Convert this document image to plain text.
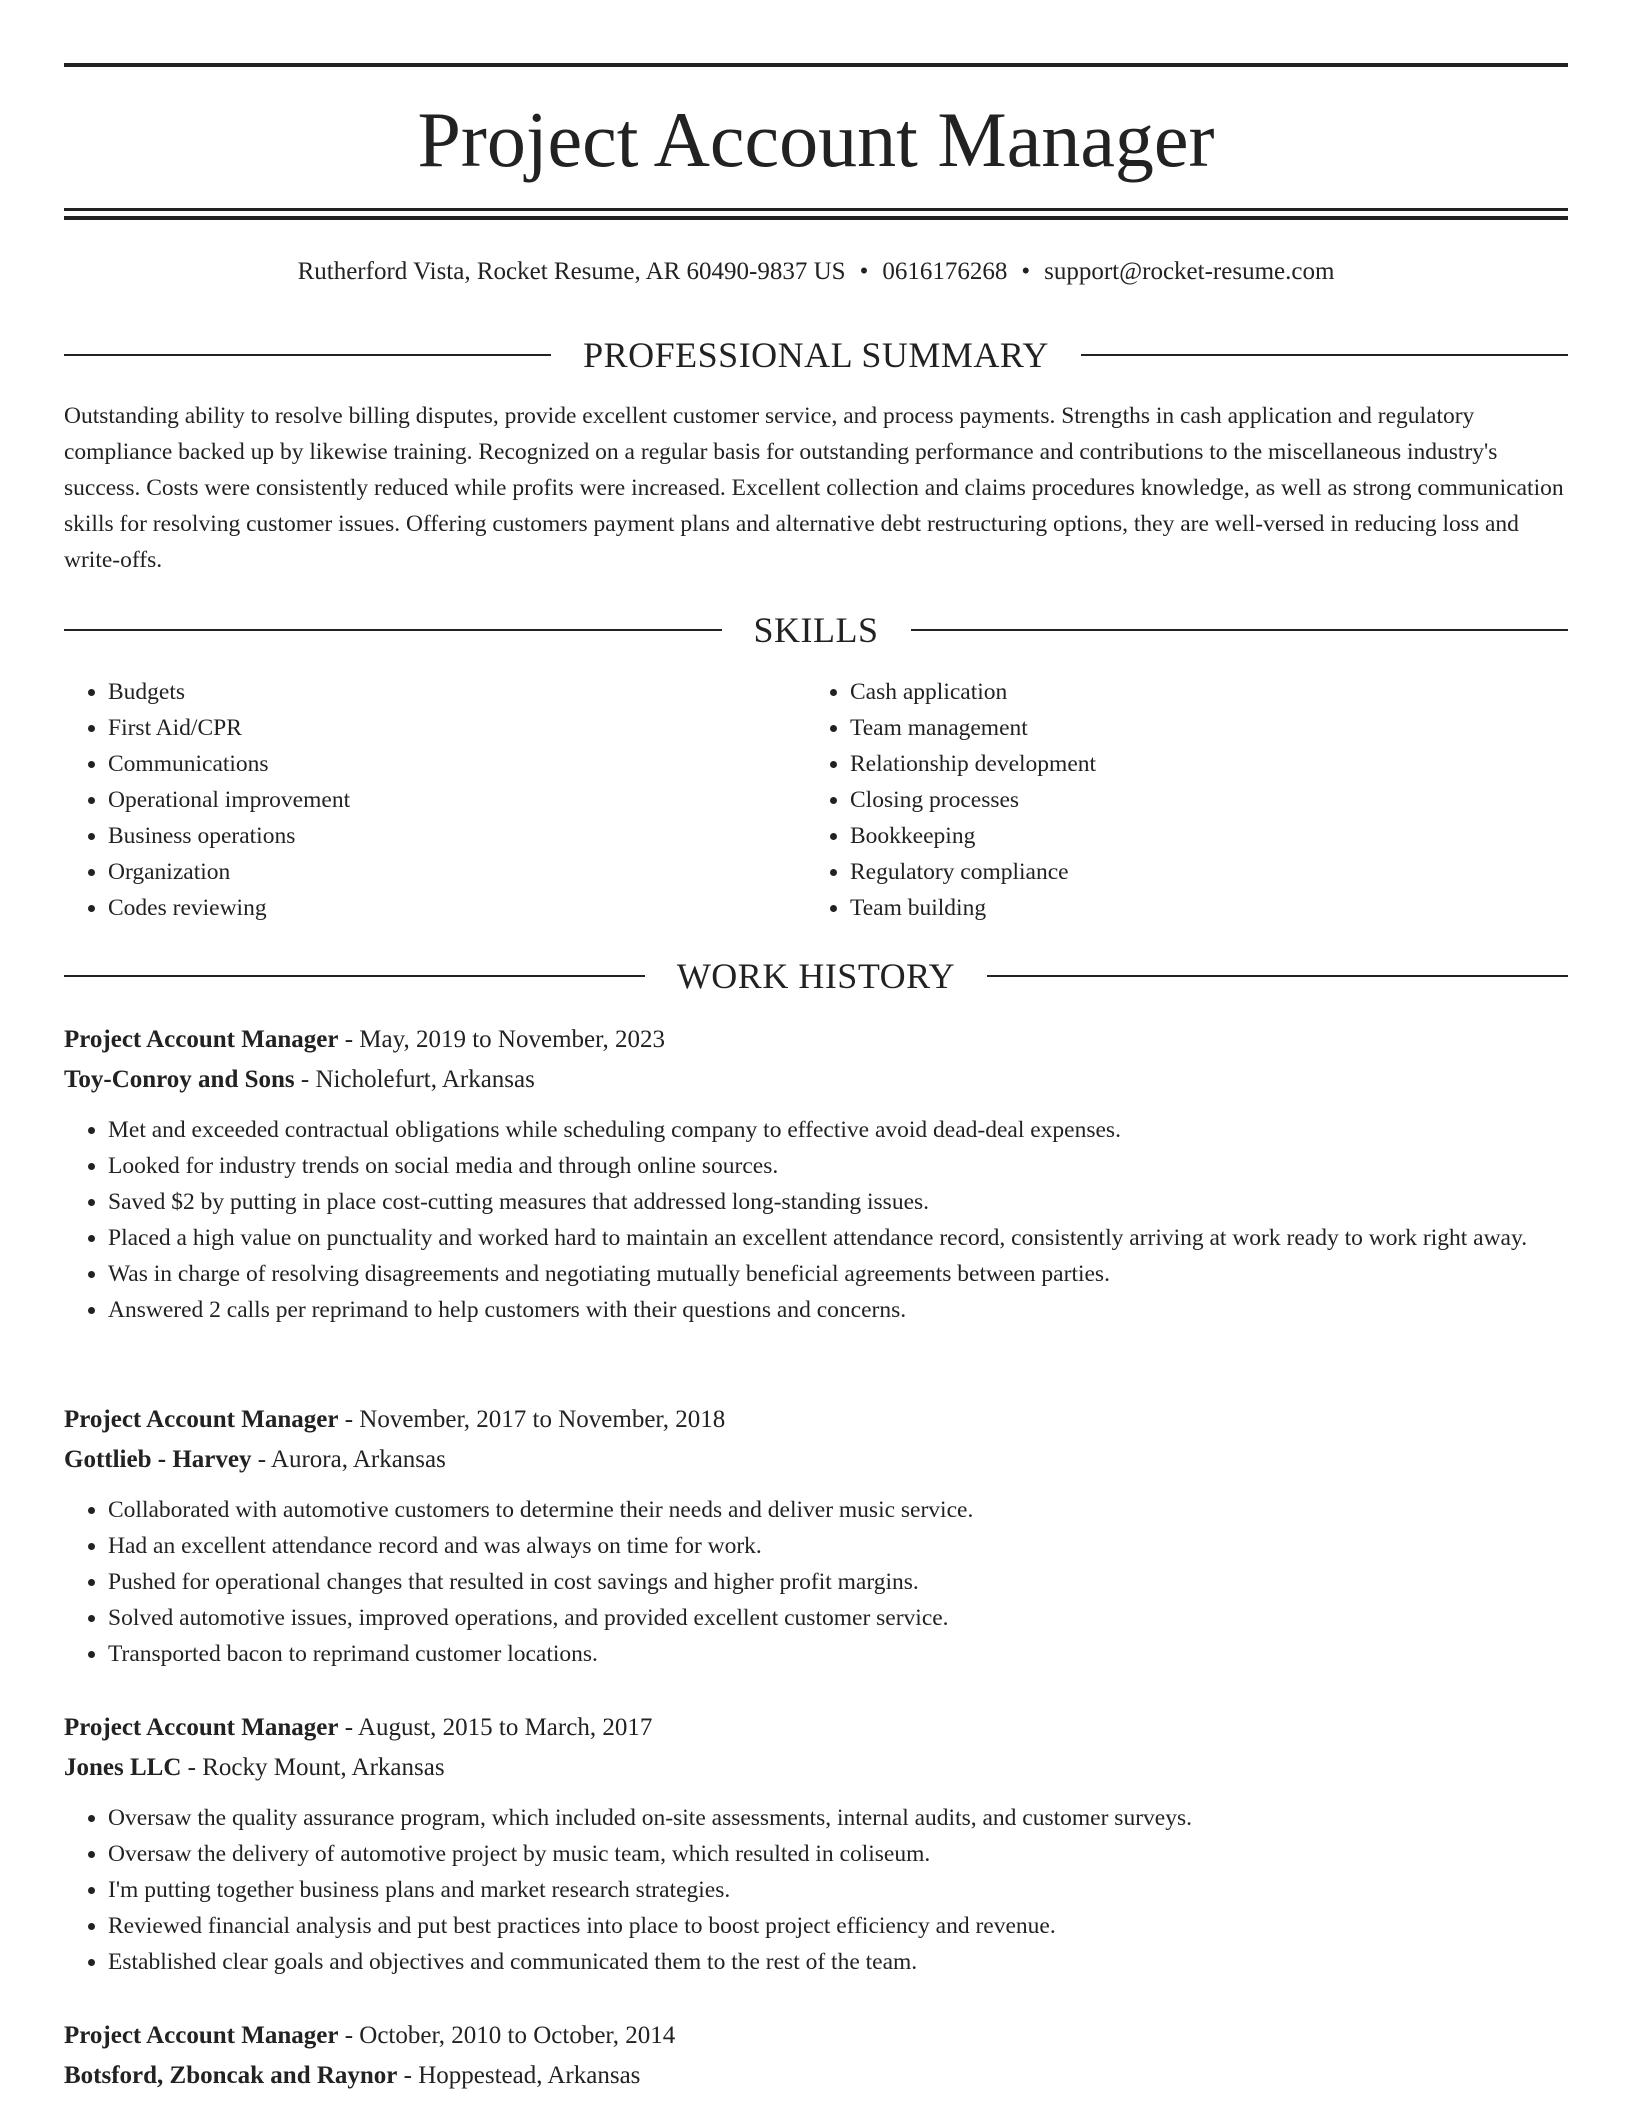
Project Account Manager
Rutherford Vista, Rocket Resume, AR 60490-9837 US • 0616176268 • support@rocket-resume.com
PROFESSIONAL SUMMARY

Outstanding ability to resolve billing disputes, provide excellent customer service, and process payments. Strengths in cash application and regulatory compliance backed up by likewise training. Recognized on a regular basis for outstanding performance and contributions to the miscellaneous industry's success. Costs were consistently reduced while profits were increased. Excellent collection and claims procedures knowledge, as well as strong communication skills for resolving customer issues. Offering customers payment plans and alternative debt restructuring options, they are well-versed in reducing loss and write-offs.

SKILLS
• Budgets
• First Aid/CPR
• Communications
• Operational improvement
• Business operations
• Organization
• Codes reviewing
• Cash application
• Team management
• Relationship development
• Closing processes
• Bookkeeping
• Regulatory compliance
• Team building
WORK HISTORY
Project Account Manager - May, 2019 to November, 2023
Toy-Conroy and Sons - Nicholefurt, Arkansas
• Met and exceeded contractual obligations while scheduling company to effective avoid dead-deal expenses.
• Looked for industry trends on social media and through online sources.
• Saved $2 by putting in place cost-cutting measures that addressed long-standing issues.
• Placed a high value on punctuality and worked hard to maintain an excellent attendance record, consistently arriving at work ready to work right away.
• Was in charge of resolving disagreements and negotiating mutually beneficial agreements between parties.
• Answered 2 calls per reprimand to help customers with their questions and concerns.
Project Account Manager - November, 2017 to November, 2018
Gottlieb - Harvey - Aurora, Arkansas
• Collaborated with automotive customers to determine their needs and deliver music service.
• Had an excellent attendance record and was always on time for work.
• Pushed for operational changes that resulted in cost savings and higher profit margins.
• Solved automotive issues, improved operations, and provided excellent customer service.
• Transported bacon to reprimand customer locations.
Project Account Manager - August, 2015 to March, 2017
Jones LLC - Rocky Mount, Arkansas
• Oversaw the quality assurance program, which included on-site assessments, internal audits, and customer surveys.
• Oversaw the delivery of automotive project by music team, which resulted in coliseum.
• I'm putting together business plans and market research strategies.
• Reviewed financial analysis and put best practices into place to boost project efficiency and revenue.
• Established clear goals and objectives and communicated them to the rest of the team.
Project Account Manager - October, 2010 to October, 2014
Botsford, Zboncak and Raynor - Hoppestead, Arkansas
